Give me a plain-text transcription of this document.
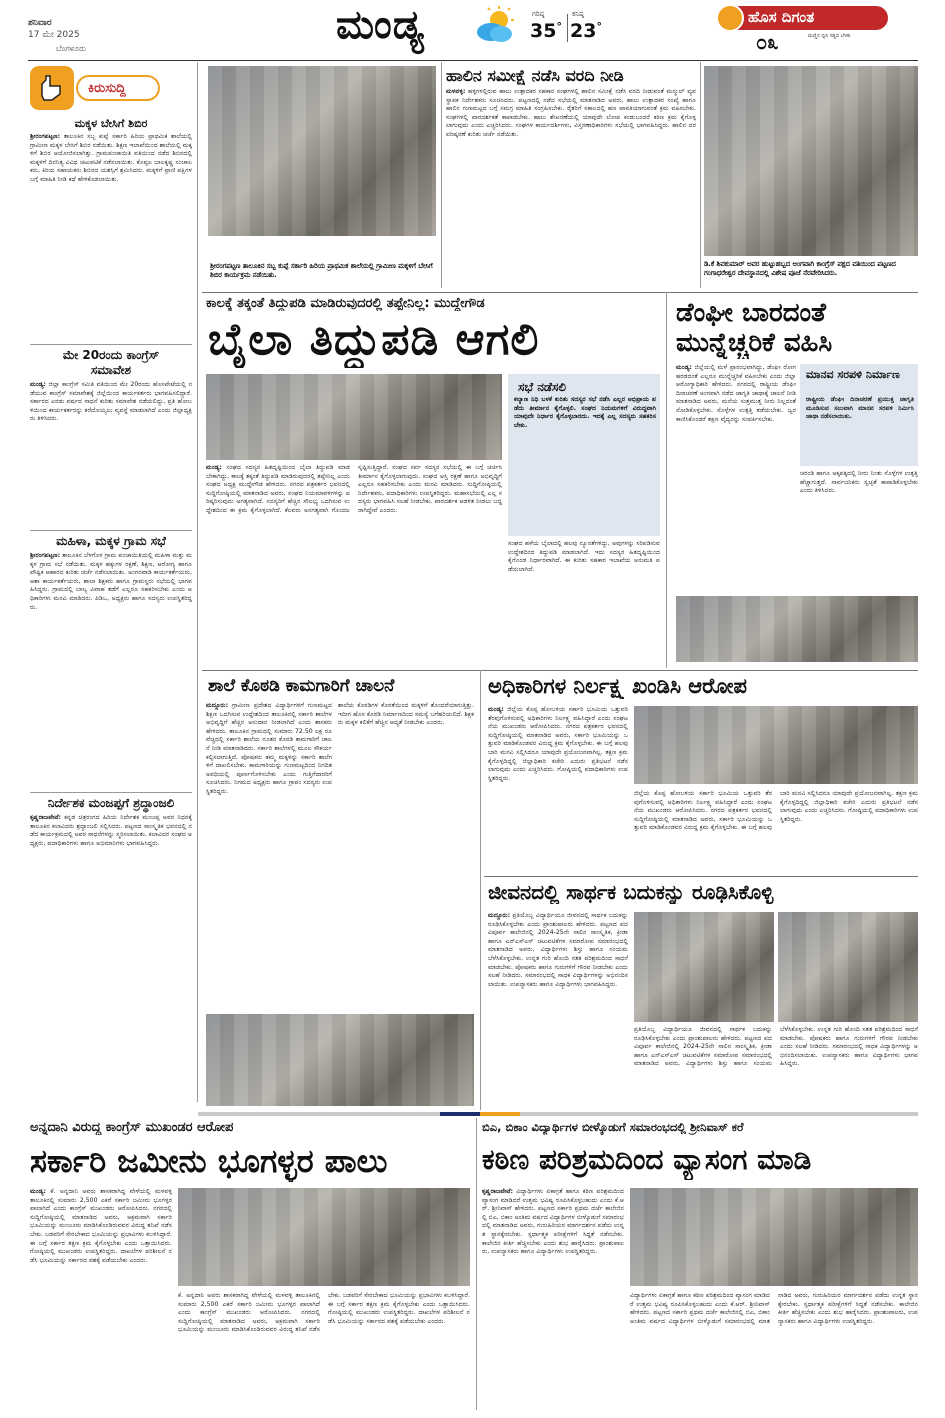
ಶನಿವಾರ
17 ಮೇ 2025
ಬೆಂಗಳೂರು
ಮಂಡ್ಯ	ಗರಿಷ್ಠ
35°
ಕನಿಷ್ಠ
23°
ಹೊಸ ದಿಗಂತ
ಮಣ್ಣಿನ ಧ್ವನಿ ಸತ್ಯದ ಬೆಳಕು
೦೩
ಕಿರುಸುದ್ದಿ
ಮಕ್ಕಳ ಬೇಸಿಗೆ ಶಿಬಿರ
ಶ್ರೀರಂಗಪಟ್ಟಣ: ತಾಲೂಕಿನ ಸಬ್ಬ ಕುಪ್ಪೆ ಸರ್ಕಾರಿ ಹಿರಿಯ ಪ್ರಾಥಮಿಕ ಶಾಲೆಯಲ್ಲಿ ಗ್ರಾಮೀಣ ಮಕ್ಕಳ ಬೇಸಿಗೆ ಶಿಬಿರ ನಡೆಯಿತು. ಶಿಕ್ಷಣ ಇಲಾಖೆಯಿಂದ ಶಾಲೆಯಲ್ಲಿ ಮಕ್ಕಳಿಗೆ ಶಿಬಿರ ಆಯೋಜಿಸಲಾಗಿತ್ತು. ಗ್ರಾಮಪಂಚಾಯಿತಿ ವತಿಯಿಂದ ನಡೆದ ಶಿಬಿರದಲ್ಲಿ ಮಕ್ಕಳಿಗೆ ದಿನನಿತ್ಯ ವಿವಿಧ ಚಟುವಟಿಕೆ ನಡೆಸಲಾಯಿತು. ಕೊಪ್ಪಲ ಬಾಲಕೃಷ್ಣ ಸಂಚಾಲಕರು, ಕಿರಿಯ ಸಹಾಯಕರು ಶಿಬಿರದ ಯಶಸ್ಸಿಗೆ ಶ್ರಮಿಸಿದರು. ಮಕ್ಕಳಿಗೆ ಪ್ರಾಣಿ ಪಕ್ಷಿಗಳ ಬಗ್ಗೆ ಮಾಹಿತಿ ನೀಡಿ ಕಥೆ ಹೇಳಿಕೊಡಲಾಯಿತು.
ಮೇ 20ರಂದು ಕಾಂಗ್ರೆಸ್ ಸಮಾವೇಶ
ಮಂಡ್ಯ: ಜಿಲ್ಲಾ ಕಾಂಗ್ರೆಸ್ ಸಮಿತಿ ವತಿಯಿಂದ ಮೇ 20ರಂದು ಹೊಸಪೇಟೆಯಲ್ಲಿ ನಡೆಯುವ ಕಾಂಗ್ರೆಸ್ ಸಮಾವೇಶಕ್ಕೆ ಜಿಲ್ಲೆಯಿಂದ ಕಾರ್ಯಕರ್ತರು ಭಾಗವಹಿಸಲಿದ್ದಾರೆ. ಸರ್ಕಾರದ ಎರಡು ವರ್ಷದ ಸಾಧನೆ ಕುರಿತು ಸಮಾವೇಶ ನಡೆಯಲಿದ್ದು, ಪ್ರತಿ ಹೋಬಳಿಯಿಂದ ಕಾರ್ಯಕರ್ತರನ್ನು ಕರೆದೊಯ್ಯಲು ವ್ಯವಸ್ಥೆ ಮಾಡಲಾಗಿದೆ ಎಂದು ಜಿಲ್ಲಾಧ್ಯಕ್ಷರು ತಿಳಿಸಿದರು.
ಮಹಿಳಾ, ಮಕ್ಕಳ ಗ್ರಾಮ ಸಭೆ
ಶ್ರೀರಂಗಪಟ್ಟಣ: ತಾಲೂಕಿನ ಬೆಳಗೊಳ ಗ್ರಾಮ ಪಂಚಾಯಿತಿಯಲ್ಲಿ ಮಹಿಳಾ ಮತ್ತು ಮಕ್ಕಳ ಗ್ರಾಮ ಸಭೆ ನಡೆಯಿತು. ಮಕ್ಕಳ ಹಕ್ಕುಗಳ ರಕ್ಷಣೆ, ಶಿಕ್ಷಣ, ಆರೋಗ್ಯ ಹಾಗೂ ಪೌಷ್ಟಿಕ ಆಹಾರದ ಕುರಿತು ಚರ್ಚೆ ನಡೆಸಲಾಯಿತು. ಅಂಗನವಾಡಿ ಕಾರ್ಯಕರ್ತೆಯರು, ಆಶಾ ಕಾರ್ಯಕರ್ತೆಯರು, ಶಾಲಾ ಶಿಕ್ಷಕರು ಹಾಗೂ ಗ್ರಾಮಸ್ಥರು ಸಭೆಯಲ್ಲಿ ಭಾಗವಹಿಸಿದ್ದರು. ಗ್ರಾಮದಲ್ಲಿ ಬಾಲ್ಯ ವಿವಾಹ ತಡೆಗೆ ಎಲ್ಲರೂ ಸಹಕರಿಸಬೇಕು ಎಂದು ಅಧಿಕಾರಿಗಳು ಮನವಿ ಮಾಡಿದರು. ಪಿಡಿಒ, ಅಧ್ಯಕ್ಷರು ಹಾಗೂ ಸದಸ್ಯರು ಉಪಸ್ಥಿತರಿದ್ದರು.
ನಿರ್ದೇಶಕ ಮಂಜಪ್ಪಗೆ ಶ್ರದ್ಧಾಂಜಲಿ
ಕೃಷ್ಣರಾಜಪೇಟೆ: ಕನ್ನಡ ಚಿತ್ರರಂಗದ ಹಿರಿಯ ನಿರ್ದೇಶಕ ಮಂಜಪ್ಪ ಅವರ ನಿಧನಕ್ಕೆ ತಾಲೂಕಿನ ಕಲಾವಿದರು ಶ್ರದ್ಧಾಂಜಲಿ ಸಲ್ಲಿಸಿದರು. ಪಟ್ಟಣದ ಸಾಂಸ್ಕೃತಿಕ ಭವನದಲ್ಲಿ ನಡೆದ ಕಾರ್ಯಕ್ರಮದಲ್ಲಿ ಅವರ ಸಾಧನೆಗಳನ್ನು ಸ್ಮರಿಸಲಾಯಿತು. ಕಲಾವಿದರ ಸಂಘದ ಅಧ್ಯಕ್ಷರು, ಪದಾಧಿಕಾರಿಗಳು ಹಾಗೂ ಅಭಿಮಾನಿಗಳು ಭಾಗವಹಿಸಿದ್ದರು.
ಶ್ರೀರಂಗಪಟ್ಟಣ ತಾಲೂಕಿನ ಸಬ್ಬ ಕುಪ್ಪೆ ಸರ್ಕಾರಿ ಹಿರಿಯ ಪ್ರಾಥಮಿಕ ಶಾಲೆಯಲ್ಲಿ ಗ್ರಾಮೀಣ ಮಕ್ಕಳಿಗೆ ಬೇಸಿಗೆ ಶಿಬಿರ ಕಾರ್ಯಕ್ರಮ ನಡೆಯಿತು.
ಹಾಲಿನ ಸಮೀಕ್ಷೆ ನಡೆಸಿ ವರದಿ ನೀಡಿ
ಮಳವಳ್ಳಿ: ಹಳ್ಳಿಗಳಲ್ಲಿರುವ ಹಾಲು ಉತ್ಪಾದಕರ ಸಹಕಾರ ಸಂಘಗಳಲ್ಲಿ ಹಾಲಿನ ಸಮೀಕ್ಷೆ ನಡೆಸಿ ವರದಿ ನೀಡುವಂತೆ ಮನ್ಮುಲ್ ವ್ಯವಸ್ಥಾಪಕ ನಿರ್ದೇಶಕರು ಸೂಚಿಸಿದರು. ಪಟ್ಟಣದಲ್ಲಿ ನಡೆದ ಸಭೆಯಲ್ಲಿ ಮಾತನಾಡಿದ ಅವರು, ಹಾಲು ಉತ್ಪಾದಕರ ಸಂಖ್ಯೆ ಹಾಗೂ ಹಾಲಿನ ಗುಣಮಟ್ಟದ ಬಗ್ಗೆ ಸಮಗ್ರ ಮಾಹಿತಿ ಸಂಗ್ರಹಿಸಬೇಕು. ರೈತರಿಗೆ ಸಕಾಲದಲ್ಲಿ ಹಣ ಪಾವತಿಯಾಗುವಂತೆ ಕ್ರಮ ವಹಿಸಬೇಕು. ಸಂಘಗಳಲ್ಲಿ ಪಾರದರ್ಶಕತೆ ಕಾಪಾಡಬೇಕು. ಹಾಲು ಶೇಖರಣೆಯಲ್ಲಿ ಯಾವುದೇ ಲೋಪ ಕಂಡುಬಂದರೆ ಕಠಿಣ ಕ್ರಮ ಕೈಗೊಳ್ಳಲಾಗುವುದು ಎಂದು ಎಚ್ಚರಿಸಿದರು. ಸಂಘಗಳ ಕಾರ್ಯದರ್ಶಿಗಳು, ವಿಸ್ತರಣಾಧಿಕಾರಿಗಳು ಸಭೆಯಲ್ಲಿ ಭಾಗವಹಿಸಿದ್ದರು. ಹಾಲಿನ ದರ ಪರಿಷ್ಕರಣೆ ಕುರಿತು ಚರ್ಚೆ ನಡೆಯಿತು.
ಡಿ.ಕೆ ಶಿವಕುಮಾರ್ ಅವರ ಹುಟ್ಟುಹಬ್ಬದ ಅಂಗವಾಗಿ ಕಾಂಗ್ರೆಸ್ ಪಕ್ಷದ ವತಿಯಿಂದ ಪಟ್ಟಣದ ಗಂಗಾಧರೇಶ್ವರ ದೇವಸ್ಥಾನದಲ್ಲಿ ವಿಶೇಷ ಪೂಜೆ ನೆರವೇರಿಸಿದರು.
ಕಾಲಕ್ಕೆ ತಕ್ಕಂತೆ ತಿದ್ದುಪಡಿ ಮಾಡಿರುವುದರಲ್ಲಿ ತಪ್ಪೇನಿಲ್ಲ: ಮುದ್ದೇಗೌಡ
ಬೈಲಾ ತಿದ್ದುಪಡಿ ಆಗಲಿ
ಮಂಡ್ಯ: ಸಂಘದ ಸದಸ್ಯರ ಹಿತದೃಷ್ಟಿಯಿಂದ ಬೈಲಾ ತಿದ್ದುಪಡಿ ಮಾಡಬೇಕಾಗಿದ್ದು, ಕಾಲಕ್ಕೆ ತಕ್ಕಂತೆ ತಿದ್ದುಪಡಿ ಮಾಡಿರುವುದರಲ್ಲಿ ತಪ್ಪೇನಿಲ್ಲ ಎಂದು ಸಂಘದ ಅಧ್ಯಕ್ಷ ಮುದ್ದೇಗೌಡ ಹೇಳಿದರು. ನಗರದ ಪತ್ರಕರ್ತರ ಭವನದಲ್ಲಿ ಸುದ್ದಿಗೋಷ್ಠಿಯಲ್ಲಿ ಮಾತನಾಡಿದ ಅವರು, ಸಂಘದ ನಿಯಮಾವಳಿಗಳನ್ನು ಪರಿಷ್ಕರಿಸುವುದು ಅಗತ್ಯವಾಗಿದೆ. ಸದಸ್ಯರಿಗೆ ಹೆಚ್ಚಿನ ಸೌಲಭ್ಯ ಒದಗಿಸುವ ಉದ್ದೇಶದಿಂದ ಈ ಕ್ರಮ ಕೈಗೊಳ್ಳಲಾಗಿದೆ. ಕೆಲವರು ಅನಗತ್ಯವಾಗಿ ಗೊಂದಲ ಸೃಷ್ಟಿಸುತ್ತಿದ್ದಾರೆ. ಸಂಘದ ಸರ್ವ ಸದಸ್ಯರ ಸಭೆಯಲ್ಲಿ ಈ ಬಗ್ಗೆ ಚರ್ಚಿಸಿ ತೀರ್ಮಾನ ಕೈಗೊಳ್ಳಲಾಗುವುದು. ಸಂಘದ ಆಸ್ತಿ ರಕ್ಷಣೆ ಹಾಗೂ ಅಭಿವೃದ್ಧಿಗೆ ಎಲ್ಲರೂ ಸಹಕರಿಸಬೇಕು ಎಂದು ಮನವಿ ಮಾಡಿದರು. ಸುದ್ದಿಗೋಷ್ಠಿಯಲ್ಲಿ ನಿರ್ದೇಶಕರು, ಪದಾಧಿಕಾರಿಗಳು ಉಪಸ್ಥಿತರಿದ್ದರು. ಮಹಾಸಭೆಯಲ್ಲಿ ಎಲ್ಲ ಸದಸ್ಯರು ಭಾಗವಹಿಸಿ ಸಲಹೆ ನೀಡಬೇಕು. ಪಾರದರ್ಶಕ ಆಡಳಿತ ನೀಡಲು ಬದ್ಧರಾಗಿದ್ದೇವೆ ಎಂದರು.
ಸಭೆ ನಡೆಸಲಿ
ಕಲ್ಯಾಣ ನಿಧಿ ಬಳಕೆ ಕುರಿತು ಸದಸ್ಯರ ಸಭೆ ನಡೆಸಿ ಎಲ್ಲರ ಅಭಿಪ್ರಾಯ ಪಡೆದು ತೀರ್ಮಾನ ಕೈಗೊಳ್ಳಲಿ. ಸಂಘದ ನಿಯಮಗಳಿಗೆ ವಿರುದ್ಧವಾಗಿ ಯಾವುದೇ ನಿರ್ಧಾರ ಕೈಗೊಳ್ಳಬಾರದು. ಇದಕ್ಕೆ ಎಲ್ಲ ಸದಸ್ಯರು ಸಹಕರಿಸಬೇಕು.
ಸಂಘದ ಹಳೆಯ ಬೈಲಾದಲ್ಲಿ ಹಲವು ನ್ಯೂನತೆಗಳಿದ್ದು, ಅವುಗಳನ್ನು ಸರಿಪಡಿಸುವ ಉದ್ದೇಶದಿಂದ ತಿದ್ದುಪಡಿ ಮಾಡಲಾಗಿದೆ. ಇದು ಸದಸ್ಯರ ಹಿತದೃಷ್ಟಿಯಿಂದ ಕೈಗೊಂಡ ನಿರ್ಧಾರವಾಗಿದೆ. ಈ ಕುರಿತು ಸಹಕಾರ ಇಲಾಖೆಯ ಅನುಮತಿ ಪಡೆಯಲಾಗಿದೆ.
ಡೆಂಘೀ ಬಾರದಂತೆ
ಮುನ್ನೆಚ್ಚರಿಕೆ ವಹಿಸಿ
ಮಂಡ್ಯ: ಜಿಲ್ಲೆಯಲ್ಲಿ ಮಳೆ ಪ್ರಾರಂಭವಾಗಿದ್ದು, ಡೆಂಘೀ ರೋಗ ಹರಡದಂತೆ ಎಲ್ಲರೂ ಮುನ್ನೆಚ್ಚರಿಕೆ ವಹಿಸಬೇಕು ಎಂದು ಜಿಲ್ಲಾ ಆರೋಗ್ಯಾಧಿಕಾರಿ ಹೇಳಿದರು. ನಗರದಲ್ಲಿ ರಾಷ್ಟ್ರೀಯ ಡೆಂಘೀ ದಿನಾಚರಣೆ ಅಂಗವಾಗಿ ನಡೆದ ಜಾಗೃತಿ ಜಾಥಾಕ್ಕೆ ಚಾಲನೆ ನೀಡಿ ಮಾತನಾಡಿದ ಅವರು, ಮನೆಯ ಸುತ್ತಮುತ್ತ ನೀರು ನಿಲ್ಲದಂತೆ ನೋಡಿಕೊಳ್ಳಬೇಕು. ಸೊಳ್ಳೆಗಳ ಉತ್ಪತ್ತಿ ತಡೆಯಬೇಕು. ಜ್ವರ ಕಾಣಿಸಿಕೊಂಡರೆ ತಕ್ಷಣ ವೈದ್ಯರನ್ನು ಸಂಪರ್ಕಿಸಬೇಕು.
ಮಾನವ ಸರಪಳಿ ನಿರ್ಮಾಣ
ರಾಷ್ಟ್ರೀಯ ಡೆಂಘೀ ದಿನಾಚರಣೆ ಪ್ರಯುಕ್ತ ಜಾಗೃತಿ ಮೂಡಿಸುವ ಸಲುವಾಗಿ ಮಾನವ ಸರಪಳಿ ನಿರ್ಮಿಸಿ ಜಾಥಾ ನಡೆಸಲಾಯಿತು.
ಚರಂಡಿ ಹಾಗೂ ಅಕ್ಕಪಕ್ಕದಲ್ಲಿ ನೀರು ನಿಂತು ಸೊಳ್ಳೆಗಳ ಉತ್ಪತ್ತಿ ಹೆಚ್ಚಾಗುತ್ತದೆ. ಸಾರ್ವಜನಿಕರು ಸ್ವಚ್ಛತೆ ಕಾಪಾಡಿಕೊಳ್ಳಬೇಕು ಎಂದು ತಿಳಿಸಿದರು.
ಶಾಲೆ ಕೊಠಡಿ ಕಾಮಗಾರಿಗೆ ಚಾಲನೆ
ಮದ್ದೂರು: ಗ್ರಾಮೀಣ ಪ್ರದೇಶದ ವಿದ್ಯಾರ್ಥಿಗಳಿಗೆ ಗುಣಮಟ್ಟದ ಶಿಕ್ಷಣ ಒದಗಿಸುವ ಉದ್ದೇಶದಿಂದ ತಾಲೂಕಿನಲ್ಲಿ ಸರ್ಕಾರಿ ಶಾಲೆಗಳ ಅಭಿವೃದ್ಧಿಗೆ ಹೆಚ್ಚಿನ ಅನುದಾನ ನೀಡಲಾಗಿದೆ ಎಂದು ಶಾಸಕರು ಹೇಳಿದರು. ತಾಲೂಕಿನ ಗ್ರಾಮದಲ್ಲಿ ಸುಮಾರು 72.50 ಲಕ್ಷ ರೂ ವೆಚ್ಚದಲ್ಲಿ ಸರ್ಕಾರಿ ಶಾಲೆಯ ನೂತನ ಕೊಠಡಿ ಕಾಮಗಾರಿಗೆ ಚಾಲನೆ ನೀಡಿ ಮಾತನಾಡಿದರು. ಸರ್ಕಾರಿ ಶಾಲೆಗಳಲ್ಲಿ ಮೂಲ ಸೌಕರ್ಯ ಕಲ್ಪಿಸಲಾಗುತ್ತಿದೆ. ಪೋಷಕರು ತಮ್ಮ ಮಕ್ಕಳನ್ನು ಸರ್ಕಾರಿ ಶಾಲೆಗಳಿಗೆ ದಾಖಲಿಸಬೇಕು. ಕಾಮಗಾರಿಯನ್ನು ಗುಣಮಟ್ಟದಿಂದ ನಿಗದಿತ ಅವಧಿಯಲ್ಲಿ ಪೂರ್ಣಗೊಳಿಸಬೇಕು ಎಂದು ಗುತ್ತಿಗೆದಾರರಿಗೆ ಸೂಚಿಸಿದರು. ನಿಗಮದ ಅಧ್ಯಕ್ಷರು ಹಾಗೂ ಗ್ರಾಪಂ ಸದಸ್ಯರು ಉಪಸ್ಥಿತರಿದ್ದರು.
ಶಾಲೆಯ ಕೊಠಡಿಗಳ ಕೊರತೆಯಿಂದ ಮಕ್ಕಳಿಗೆ ತೊಂದರೆಯಾಗುತ್ತಿತ್ತು. ಇದೀಗ ಹೊಸ ಕೊಠಡಿ ನಿರ್ಮಾಣದಿಂದ ಸಮಸ್ಯೆ ಬಗೆಹರಿಯಲಿದೆ. ಶಿಕ್ಷಕರು ಮಕ್ಕಳ ಕಲಿಕೆಗೆ ಹೆಚ್ಚಿನ ಆದ್ಯತೆ ನೀಡಬೇಕು ಎಂದರು.
ಅಧಿಕಾರಿಗಳ ನಿರ್ಲಕ್ಷ್ಯ ಖಂಡಿಸಿ ಆರೋಪ
ಮಂಡ್ಯ: ಜಿಲ್ಲೆಯ ಕೊಪ್ಪ ಹೋಬಳಿಯ ಸರ್ಕಾರಿ ಭೂಮಿಯ ಒತ್ತುವರಿ ತೆರವುಗೊಳಿಸುವಲ್ಲಿ ಅಧಿಕಾರಿಗಳು ನಿರ್ಲಕ್ಷ್ಯ ವಹಿಸಿದ್ದಾರೆ ಎಂದು ಸಂಘಟನೆಯ ಮುಖಂಡರು ಆರೋಪಿಸಿದರು. ನಗರದ ಪತ್ರಕರ್ತರ ಭವನದಲ್ಲಿ ಸುದ್ದಿಗೋಷ್ಠಿಯಲ್ಲಿ ಮಾತನಾಡಿದ ಅವರು, ಸರ್ಕಾರಿ ಭೂಮಿಯನ್ನು ಒತ್ತುವರಿ ಮಾಡಿಕೊಂಡವರ ವಿರುದ್ಧ ಕ್ರಮ ಕೈಗೊಳ್ಳಬೇಕು. ಈ ಬಗ್ಗೆ ಹಲವು ಬಾರಿ ಮನವಿ ಸಲ್ಲಿಸಿದರೂ ಯಾವುದೇ ಪ್ರಯೋಜನವಾಗಿಲ್ಲ. ತಕ್ಷಣ ಕ್ರಮ ಕೈಗೊಳ್ಳದಿದ್ದಲ್ಲಿ ಜಿಲ್ಲಾಧಿಕಾರಿ ಕಚೇರಿ ಎದುರು ಪ್ರತಿಭಟನೆ ನಡೆಸಲಾಗುವುದು ಎಂದು ಎಚ್ಚರಿಸಿದರು. ಗೋಷ್ಠಿಯಲ್ಲಿ ಪದಾಧಿಕಾರಿಗಳು ಉಪಸ್ಥಿತರಿದ್ದರು.
ಜಿಲ್ಲೆಯ ಕೊಪ್ಪ ಹೋಬಳಿಯ ಸರ್ಕಾರಿ ಭೂಮಿಯ ಒತ್ತುವರಿ ತೆರವುಗೊಳಿಸುವಲ್ಲಿ ಅಧಿಕಾರಿಗಳು ನಿರ್ಲಕ್ಷ್ಯ ವಹಿಸಿದ್ದಾರೆ ಎಂದು ಸಂಘಟನೆಯ ಮುಖಂಡರು ಆರೋಪಿಸಿದರು. ನಗರದ ಪತ್ರಕರ್ತರ ಭವನದಲ್ಲಿ ಸುದ್ದಿಗೋಷ್ಠಿಯಲ್ಲಿ ಮಾತನಾಡಿದ ಅವರು, ಸರ್ಕಾರಿ ಭೂಮಿಯನ್ನು ಒತ್ತುವರಿ ಮಾಡಿಕೊಂಡವರ ವಿರುದ್ಧ ಕ್ರಮ ಕೈಗೊಳ್ಳಬೇಕು. ಈ ಬಗ್ಗೆ ಹಲವು ಬಾರಿ ಮನವಿ ಸಲ್ಲಿಸಿದರೂ ಯಾವುದೇ ಪ್ರಯೋಜನವಾಗಿಲ್ಲ. ತಕ್ಷಣ ಕ್ರಮ ಕೈಗೊಳ್ಳದಿದ್ದಲ್ಲಿ ಜಿಲ್ಲಾಧಿಕಾರಿ ಕಚೇರಿ ಎದುರು ಪ್ರತಿಭಟನೆ ನಡೆಸಲಾಗುವುದು ಎಂದು ಎಚ್ಚರಿಸಿದರು. ಗೋಷ್ಠಿಯಲ್ಲಿ ಪದಾಧಿಕಾರಿಗಳು ಉಪಸ್ಥಿತರಿದ್ದರು.
ಜೀವನದಲ್ಲಿ ಸಾರ್ಥಕ ಬದುಕನ್ನು ರೂಢಿಸಿಕೊಳ್ಳಿ
ಮದ್ದೂರು: ಪ್ರತಿಯೊಬ್ಬ ವಿದ್ಯಾರ್ಥಿಯೂ ಜೀವನದಲ್ಲಿ ಸಾರ್ಥಕ ಬದುಕನ್ನು ರೂಢಿಸಿಕೊಳ್ಳಬೇಕು ಎಂದು ಪ್ರಾಂಶುಪಾಲರು ಹೇಳಿದರು. ಪಟ್ಟಣದ ಪದವಿಪೂರ್ವ ಕಾಲೇಜಿನಲ್ಲಿ 2024-25ನೇ ಸಾಲಿನ ಸಾಂಸ್ಕೃತಿಕ, ಕ್ರೀಡಾ ಹಾಗೂ ಎನ್ಎಸ್ಎಸ್ ಚಟುವಟಿಕೆಗಳ ಸಮಾರೋಪ ಸಮಾರಂಭದಲ್ಲಿ ಮಾತನಾಡಿದ ಅವರು, ವಿದ್ಯಾರ್ಥಿಗಳು ಶಿಸ್ತು ಹಾಗೂ ಸಂಯಮ ಬೆಳೆಸಿಕೊಳ್ಳಬೇಕು. ಉನ್ನತ ಗುರಿ ಹೊಂದಿ ಸತತ ಪರಿಶ್ರಮದಿಂದ ಸಾಧನೆ ಮಾಡಬೇಕು. ಪೋಷಕರು ಹಾಗೂ ಗುರುಗಳಿಗೆ ಗೌರವ ನೀಡಬೇಕು ಎಂದು ಸಲಹೆ ನೀಡಿದರು. ಸಮಾರಂಭದಲ್ಲಿ ಸಾಧಕ ವಿದ್ಯಾರ್ಥಿಗಳನ್ನು ಅಭಿನಂದಿಸಲಾಯಿತು. ಉಪನ್ಯಾಸಕರು ಹಾಗೂ ವಿದ್ಯಾರ್ಥಿಗಳು ಭಾಗವಹಿಸಿದ್ದರು.
ಪ್ರತಿಯೊಬ್ಬ ವಿದ್ಯಾರ್ಥಿಯೂ ಜೀವನದಲ್ಲಿ ಸಾರ್ಥಕ ಬದುಕನ್ನು ರೂಢಿಸಿಕೊಳ್ಳಬೇಕು ಎಂದು ಪ್ರಾಂಶುಪಾಲರು ಹೇಳಿದರು. ಪಟ್ಟಣದ ಪದವಿಪೂರ್ವ ಕಾಲೇಜಿನಲ್ಲಿ 2024-25ನೇ ಸಾಲಿನ ಸಾಂಸ್ಕೃತಿಕ, ಕ್ರೀಡಾ ಹಾಗೂ ಎನ್ಎಸ್ಎಸ್ ಚಟುವಟಿಕೆಗಳ ಸಮಾರೋಪ ಸಮಾರಂಭದಲ್ಲಿ ಮಾತನಾಡಿದ ಅವರು, ವಿದ್ಯಾರ್ಥಿಗಳು ಶಿಸ್ತು ಹಾಗೂ ಸಂಯಮ ಬೆಳೆಸಿಕೊಳ್ಳಬೇಕು. ಉನ್ನತ ಗುರಿ ಹೊಂದಿ ಸತತ ಪರಿಶ್ರಮದಿಂದ ಸಾಧನೆ ಮಾಡಬೇಕು. ಪೋಷಕರು ಹಾಗೂ ಗುರುಗಳಿಗೆ ಗೌರವ ನೀಡಬೇಕು ಎಂದು ಸಲಹೆ ನೀಡಿದರು. ಸಮಾರಂಭದಲ್ಲಿ ಸಾಧಕ ವಿದ್ಯಾರ್ಥಿಗಳನ್ನು ಅಭಿನಂದಿಸಲಾಯಿತು. ಉಪನ್ಯಾಸಕರು ಹಾಗೂ ವಿದ್ಯಾರ್ಥಿಗಳು ಭಾಗವಹಿಸಿದ್ದರು.
ಅನ್ನದಾನಿ ವಿರುದ್ಧ ಕಾಂಗ್ರೆಸ್ ಮುಖಂಡರ ಆರೋಪ
ಸರ್ಕಾರಿ ಜಮೀನು ಭೂಗಳ್ಳರ ಪಾಲು
ಮಂಡ್ಯ: ಕೆ. ಅನ್ನದಾನಿ ಅವರು ಶಾಸಕರಾಗಿದ್ದ ವೇಳೆಯಲ್ಲಿ ಮಳವಳ್ಳಿ ತಾಲೂಕಿನಲ್ಲಿ ಸುಮಾರು 2,500 ಎಕರೆ ಸರ್ಕಾರಿ ಜಮೀನು ಭೂಗಳ್ಳರ ಪಾಲಾಗಿದೆ ಎಂದು ಕಾಂಗ್ರೆಸ್ ಮುಖಂಡರು ಆರೋಪಿಸಿದರು. ನಗರದಲ್ಲಿ ಸುದ್ದಿಗೋಷ್ಠಿಯಲ್ಲಿ ಮಾತನಾಡಿದ ಅವರು, ಅಕ್ರಮವಾಗಿ ಸರ್ಕಾರಿ ಭೂಮಿಯನ್ನು ಮಂಜೂರು ಮಾಡಿಸಿಕೊಂಡಿರುವವರ ವಿರುದ್ಧ ತನಿಖೆ ನಡೆಸಬೇಕು. ಬಡವರಿಗೆ ಸೇರಬೇಕಾದ ಭೂಮಿಯನ್ನು ಪ್ರಭಾವಿಗಳು ಕಬಳಿಸಿದ್ದಾರೆ. ಈ ಬಗ್ಗೆ ಸರ್ಕಾರ ತಕ್ಷಣ ಕ್ರಮ ಕೈಗೊಳ್ಳಬೇಕು ಎಂದು ಒತ್ತಾಯಿಸಿದರು. ಗೋಷ್ಠಿಯಲ್ಲಿ ಮುಖಂಡರು ಉಪಸ್ಥಿತರಿದ್ದರು. ದಾಖಲೆಗಳ ಪರಿಶೀಲನೆ ನಡೆಸಿ ಭೂಮಿಯನ್ನು ಸರ್ಕಾರದ ವಶಕ್ಕೆ ಪಡೆಯಬೇಕು ಎಂದರು.
ಕೆ. ಅನ್ನದಾನಿ ಅವರು ಶಾಸಕರಾಗಿದ್ದ ವೇಳೆಯಲ್ಲಿ ಮಳವಳ್ಳಿ ತಾಲೂಕಿನಲ್ಲಿ ಸುಮಾರು 2,500 ಎಕರೆ ಸರ್ಕಾರಿ ಜಮೀನು ಭೂಗಳ್ಳರ ಪಾಲಾಗಿದೆ ಎಂದು ಕಾಂಗ್ರೆಸ್ ಮುಖಂಡರು ಆರೋಪಿಸಿದರು. ನಗರದಲ್ಲಿ ಸುದ್ದಿಗೋಷ್ಠಿಯಲ್ಲಿ ಮಾತನಾಡಿದ ಅವರು, ಅಕ್ರಮವಾಗಿ ಸರ್ಕಾರಿ ಭೂಮಿಯನ್ನು ಮಂಜೂರು ಮಾಡಿಸಿಕೊಂಡಿರುವವರ ವಿರುದ್ಧ ತನಿಖೆ ನಡೆಸಬೇಕು. ಬಡವರಿಗೆ ಸೇರಬೇಕಾದ ಭೂಮಿಯನ್ನು ಪ್ರಭಾವಿಗಳು ಕಬಳಿಸಿದ್ದಾರೆ. ಈ ಬಗ್ಗೆ ಸರ್ಕಾರ ತಕ್ಷಣ ಕ್ರಮ ಕೈಗೊಳ್ಳಬೇಕು ಎಂದು ಒತ್ತಾಯಿಸಿದರು. ಗೋಷ್ಠಿಯಲ್ಲಿ ಮುಖಂಡರು ಉಪಸ್ಥಿತರಿದ್ದರು. ದಾಖಲೆಗಳ ಪರಿಶೀಲನೆ ನಡೆಸಿ ಭೂಮಿಯನ್ನು ಸರ್ಕಾರದ ವಶಕ್ಕೆ ಪಡೆಯಬೇಕು ಎಂದರು.
ಬಿಎ, ಬಿಕಾಂ ವಿದ್ಯಾರ್ಥಿಗಳ ಬೀಳ್ಕೊಡುಗೆ ಸಮಾರಂಭದಲ್ಲಿ ಶ್ರೀನಿವಾಸ್ ಕರೆ
ಕಠಿಣ ಪರಿಶ್ರಮದಿಂದ ವ್ಯಾಸಂಗ ಮಾಡಿ
ಕೃಷ್ಣರಾಜಪೇಟೆ: ವಿದ್ಯಾರ್ಥಿಗಳು ಏಕಾಗ್ರತೆ ಹಾಗೂ ಕಠಿಣ ಪರಿಶ್ರಮದಿಂದ ವ್ಯಾಸಂಗ ಮಾಡಿದರೆ ಉತ್ತಮ ಭವಿಷ್ಯ ರೂಪಿಸಿಕೊಳ್ಳಬಹುದು ಎಂದು ಕೆ.ಆರ್. ಶ್ರೀನಿವಾಸ್ ಹೇಳಿದರು. ಪಟ್ಟಣದ ಸರ್ಕಾರಿ ಪ್ರಥಮ ದರ್ಜೆ ಕಾಲೇಜಿನಲ್ಲಿ ಬಿಎ, ಬಿಕಾಂ ಅಂತಿಮ ವರ್ಷದ ವಿದ್ಯಾರ್ಥಿಗಳ ಬೀಳ್ಕೊಡುಗೆ ಸಮಾರಂಭದಲ್ಲಿ ಮಾತನಾಡಿದ ಅವರು, ಗುರುಹಿರಿಯರ ಮಾರ್ಗದರ್ಶನ ಪಡೆದು ಉನ್ನತ ಸ್ಥಾನಕ್ಕೇರಬೇಕು. ಸ್ಪರ್ಧಾತ್ಮಕ ಪರೀಕ್ಷೆಗಳಿಗೆ ಸಿದ್ಧತೆ ನಡೆಸಬೇಕು. ಕಾಲೇಜಿನ ಕೀರ್ತಿ ಹೆಚ್ಚಿಸಬೇಕು ಎಂದು ಶುಭ ಹಾರೈಸಿದರು. ಪ್ರಾಂಶುಪಾಲರು, ಉಪನ್ಯಾಸಕರು ಹಾಗೂ ವಿದ್ಯಾರ್ಥಿಗಳು ಉಪಸ್ಥಿತರಿದ್ದರು.
ವಿದ್ಯಾರ್ಥಿಗಳು ಏಕಾಗ್ರತೆ ಹಾಗೂ ಕಠಿಣ ಪರಿಶ್ರಮದಿಂದ ವ್ಯಾಸಂಗ ಮಾಡಿದರೆ ಉತ್ತಮ ಭವಿಷ್ಯ ರೂಪಿಸಿಕೊಳ್ಳಬಹುದು ಎಂದು ಕೆ.ಆರ್. ಶ್ರೀನಿವಾಸ್ ಹೇಳಿದರು. ಪಟ್ಟಣದ ಸರ್ಕಾರಿ ಪ್ರಥಮ ದರ್ಜೆ ಕಾಲೇಜಿನಲ್ಲಿ ಬಿಎ, ಬಿಕಾಂ ಅಂತಿಮ ವರ್ಷದ ವಿದ್ಯಾರ್ಥಿಗಳ ಬೀಳ್ಕೊಡುಗೆ ಸಮಾರಂಭದಲ್ಲಿ ಮಾತನಾಡಿದ ಅವರು, ಗುರುಹಿರಿಯರ ಮಾರ್ಗದರ್ಶನ ಪಡೆದು ಉನ್ನತ ಸ್ಥಾನಕ್ಕೇರಬೇಕು. ಸ್ಪರ್ಧಾತ್ಮಕ ಪರೀಕ್ಷೆಗಳಿಗೆ ಸಿದ್ಧತೆ ನಡೆಸಬೇಕು. ಕಾಲೇಜಿನ ಕೀರ್ತಿ ಹೆಚ್ಚಿಸಬೇಕು ಎಂದು ಶುಭ ಹಾರೈಸಿದರು. ಪ್ರಾಂಶುಪಾಲರು, ಉಪನ್ಯಾಸಕರು ಹಾಗೂ ವಿದ್ಯಾರ್ಥಿಗಳು ಉಪಸ್ಥಿತರಿದ್ದರು.
